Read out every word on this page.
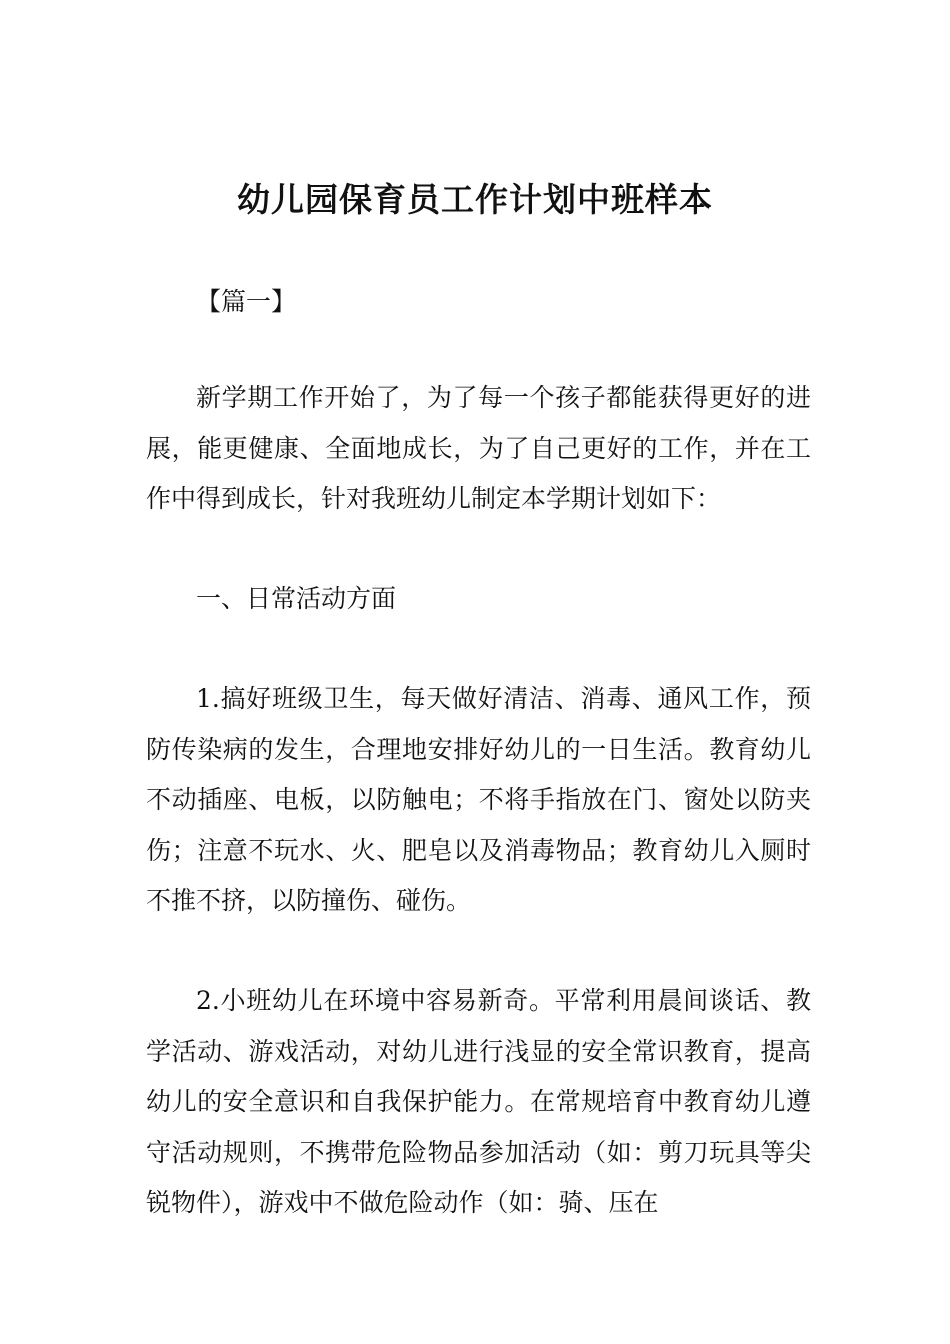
幼儿园保育员工作计划中班样本
【篇一】

新学期工作开始了，为了每一个孩子都能获得更好的进展，能更健康、全面地成长，为了自己更好的工作，并在工作中得到成长，针对我班幼儿制定本学期计划如下：

一、日常活动方面

1.搞好班级卫生，每天做好清洁、消毒、通风工作，预防传染病的发生，合理地安排好幼儿的一日生活。教育幼儿不动插座、电板，以防触电；不将手指放在门、窗处以防夹伤；注意不玩水、火、肥皂以及消毒物品；教育幼儿入厕时不推不挤，以防撞伤、碰伤。

2.小班幼儿在环境中容易新奇。平常利用晨间谈话、教学活动、游戏活动，对幼儿进行浅显的安全常识教育，提高幼儿的安全意识和自我保护能力。在常规培育中教育幼儿遵守活动规则，不携带危险物品参加活动（如：剪刀玩具等尖锐物件），游戏中不做危险动作（如：骑、压在
